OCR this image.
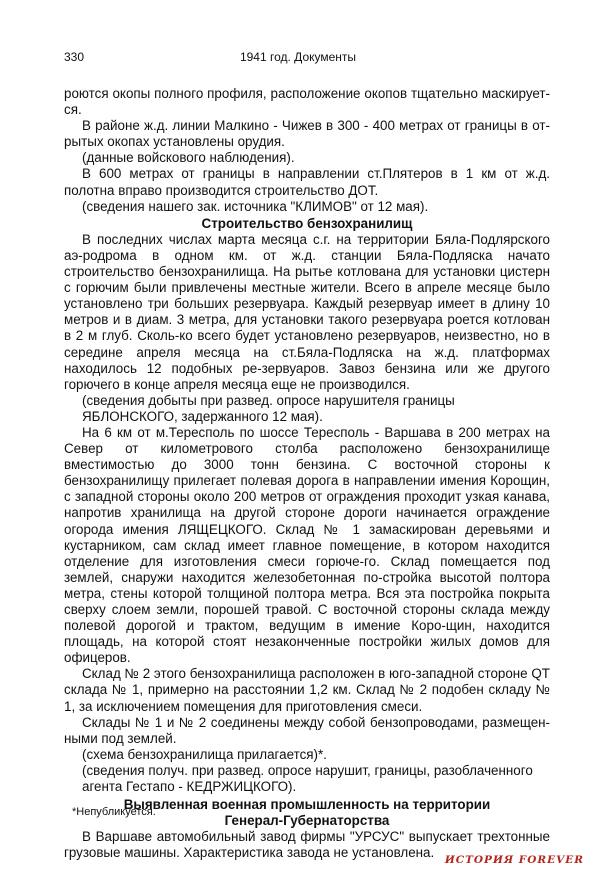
330	1941 год. Документы

роются окопы полного профиля, расположение окопов тщательно маскирует-ся.

В районе ж.д. линии Малкино - Чижев в 300 - 400 метрах от границы в от-рытых окопах установлены орудия.

(данные войскового наблюдения).

В 600 метрах от границы в направлении ст.Плятеров в 1 км от ж.д. полотна вправо производится строительство ДОТ.

(сведения нашего зак. источника "КЛИМОВ" от 12 мая).

Строительство бензохранилищ

В последних числах марта месяца с.г. на территории Бяла-Подлярского аэ-родрома в одном км. от ж.д. станции Бяла-Подляска начато строительство бензохранилища. На рытье котлована для установки цистерн с горючим были привлечены местные жители. Всего в апреле месяце было установлено три больших резервуара. Каждый резервуар имеет в длину 10 метров и в диам. 3 метра, для установки такого резервуара роется котлован в 2 м глуб. Сколь-ко всего будет установлено резервуаров, неизвестно, но в середине апреля месяца на ст.Бяла-Подляска на ж.д. платформах находилось 12 подобных ре-зервуаров. Завоз бензина или же другого горючего в конце апреля месяца еще не производился.

(сведения добыты при развед. опросе нарушителя границы ЯБЛОНСКОГО, задержанного 12 мая).

На 6 км от м.Тересполь по шоссе Тересполь - Варшава в 200 метрах на Север от километрового столба расположено бензохранилище вместимостью до 3000 тонн бензина. С восточной стороны к бензохранилищу прилегает полевая дорога в направлении имения Корощин, с западной стороны около 200 метров от ограждения проходит узкая канава, напротив хранилища на другой стороне дороги начинается ограждение огорода имения ЛЯЩЕЦКОГО. Склад № 1 замаскирован деревьями и кустарником, сам склад имеет главное помещение, в котором находится отделение для изготовления смеси горюче-го. Склад помещается под землей, снаружи находится железобетонная по-стройка высотой полтора метра, стены которой толщиной полтора метра. Вся эта постройка покрыта сверху слоем земли, порошей травой. С восточной стороны склада между полевой дорогой и трактом, ведущим в имение Коро-щин, находится площадь, на которой стоят незаконченные постройки жилых домов для офицеров.

Склад № 2 этого бензохранилища расположен в юго-западной стороне QT склада № 1, примерно на расстоянии 1,2 км. Склад № 2 подобен складу № 1, за исключением помещения для приготовления смеси.

Склады № 1 и № 2 соединены между собой бензопроводами, размещен-ными под землей.

(схема бензохранилища прилагается)*.

(сведения получ. при развед. опросе нарушит, границы, разоблаченного агента Гестапо - КЕДРЖИЦКОГО).

Выявленная военная промышленность на территории

Генерал-Губернаторства

В Варшаве автомобильный завод фирмы "УРСУС" выпускает трехтонные грузовые машины. Характеристика завода не установлена.

*Непубликуется.
ИСТОРИЯ FOREVER
